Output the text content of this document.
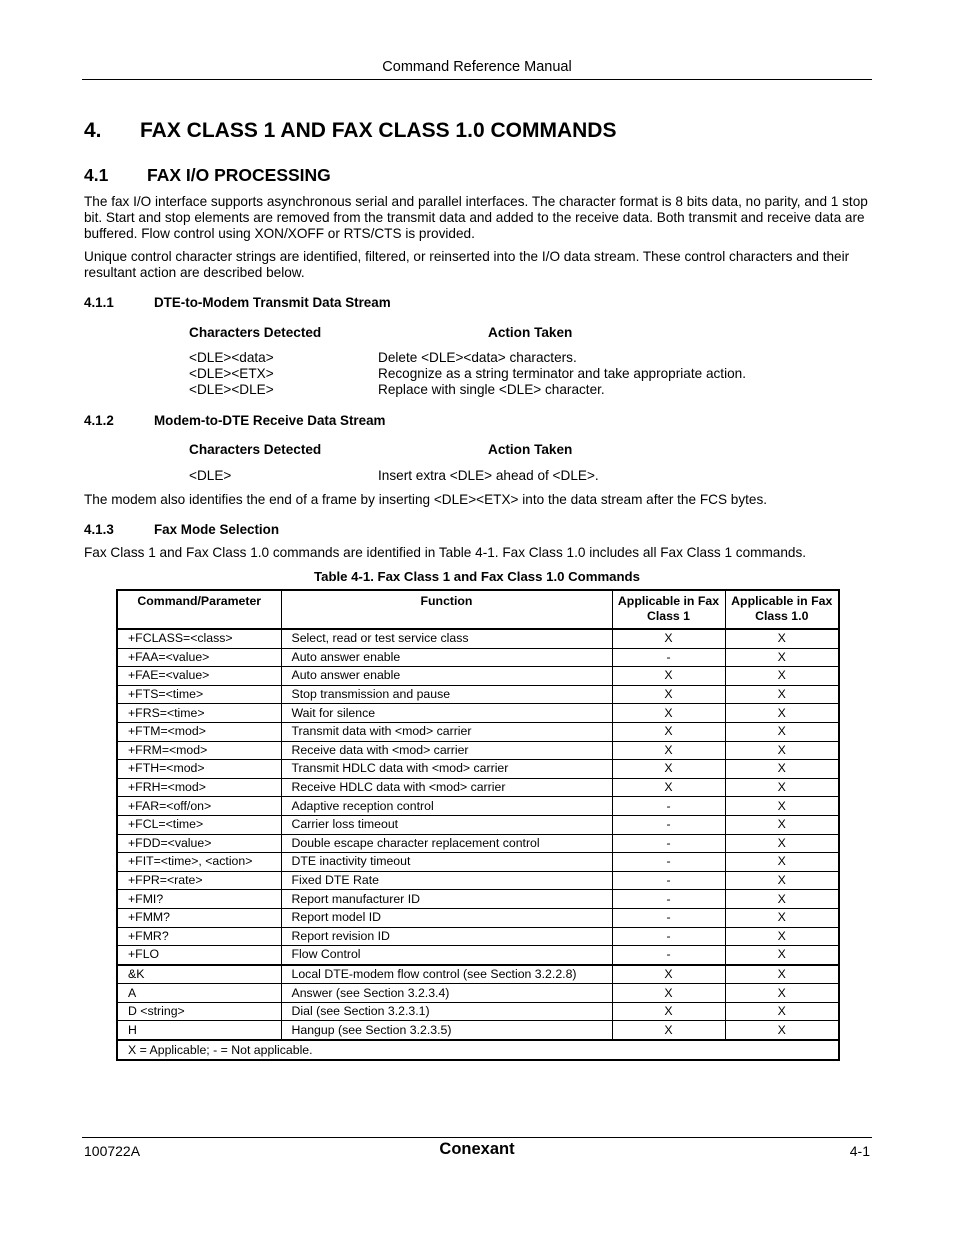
Command Reference Manual
4. FAX CLASS 1 AND FAX CLASS 1.0 COMMANDS
4.1 FAX I/O PROCESSING
The fax I/O interface supports asynchronous serial and parallel interfaces. The character format is 8 bits data, no parity, and 1 stop bit. Start and stop elements are removed from the transmit data and added to the receive data. Both transmit and receive data are buffered. Flow control using XON/XOFF or RTS/CTS is provided.
Unique control character strings are identified, filtered, or reinserted into the I/O data stream. These control characters and their resultant action are described below.
4.1.1	DTE-to-Modem Transmit Data Stream
Characters Detected	Action Taken
<DLE><data>	Delete <DLE><data> characters.
<DLE><ETX>	Recognize as a string terminator and take appropriate action.
<DLE><DLE>	Replace with single <DLE> character.
4.1.2	Modem-to-DTE Receive Data Stream
Characters Detected	Action Taken
<DLE>	Insert extra <DLE> ahead of <DLE>.
The modem also identifies the end of a frame by inserting <DLE><ETX> into the data stream after the FCS bytes.
4.1.3	Fax Mode Selection
Fax Class 1 and Fax Class 1.0 commands are identified in Table 4-1. Fax Class 1.0 includes all Fax Class 1 commands.
Table 4-1. Fax Class 1 and Fax Class 1.0 Commands
Command/Parameter	Function	Applicable in Fax Class 1	Applicable in Fax Class 1.0
+FCLASS=<class>	Select, read or test service class	X	X
+FAA=<value>	Auto answer enable	-	X
+FAE=<value>	Auto answer enable	X	X
+FTS=<time>	Stop transmission and pause	X	X
+FRS=<time>	Wait for silence	X	X
+FTM=<mod>	Transmit data with <mod> carrier	X	X
+FRM=<mod>	Receive data with <mod> carrier	X	X
+FTH=<mod>	Transmit HDLC data with <mod> carrier	X	X
+FRH=<mod>	Receive HDLC data with <mod> carrier	X	X
+FAR=<off/on>	Adaptive reception control	-	X
+FCL=<time>	Carrier loss timeout	-	X
+FDD=<value>	Double escape character replacement control	-	X
+FIT=<time>, <action>	DTE inactivity timeout	-	X
+FPR=<rate>	Fixed DTE Rate	-	X
+FMI?	Report manufacturer ID	-	X
+FMM?	Report model ID	-	X
+FMR?	Report revision ID	-	X
+FLO	Flow Control	-	X
&K	Local DTE-modem flow control (see Section 3.2.2.8)	X	X
A	Answer (see Section 3.2.3.4)	X	X
D <string>	Dial (see Section 3.2.3.1)	X	X
H	Hangup (see Section 3.2.3.5)	X	X
X = Applicable; - = Not applicable.			
100722A	Conexant	4-1
